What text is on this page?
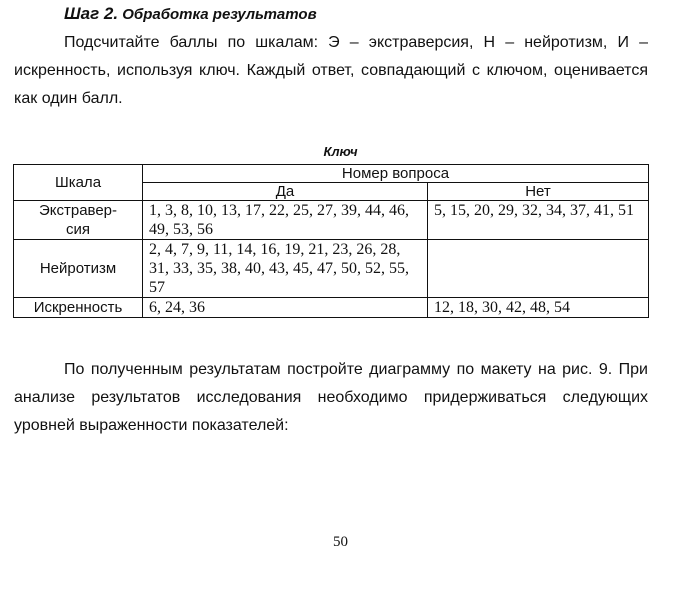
Шаг 2. Обработка результатов

Подсчитайте баллы по шкалам: Э – экстраверсия, Н – нейротизм, И – искренность, используя ключ. Каждый ответ, совпадающий с ключом, оценивается как один балл.

Ключ
Шкала	Номер вопроса	
	Да	Нет
Экстравер-
сия	1, 3, 8, 10, 13, 17, 22, 25, 27, 39, 44, 46, 49, 53, 56	5, 15, 20, 29, 32, 34, 37, 41, 51
Нейротизм	2, 4, 7, 9, 11, 14, 16, 19, 21, 23, 26, 28, 31, 33, 35, 38, 40, 43, 45, 47, 50, 52, 55, 57	
Искренность	6, 24, 36	12, 18, 30, 42, 48, 54

По полученным результатам постройте диаграмму по макету на рис. 9. При анализе результатов исследования необходимо придерживаться следующих уровней выраженности показателей:

50
